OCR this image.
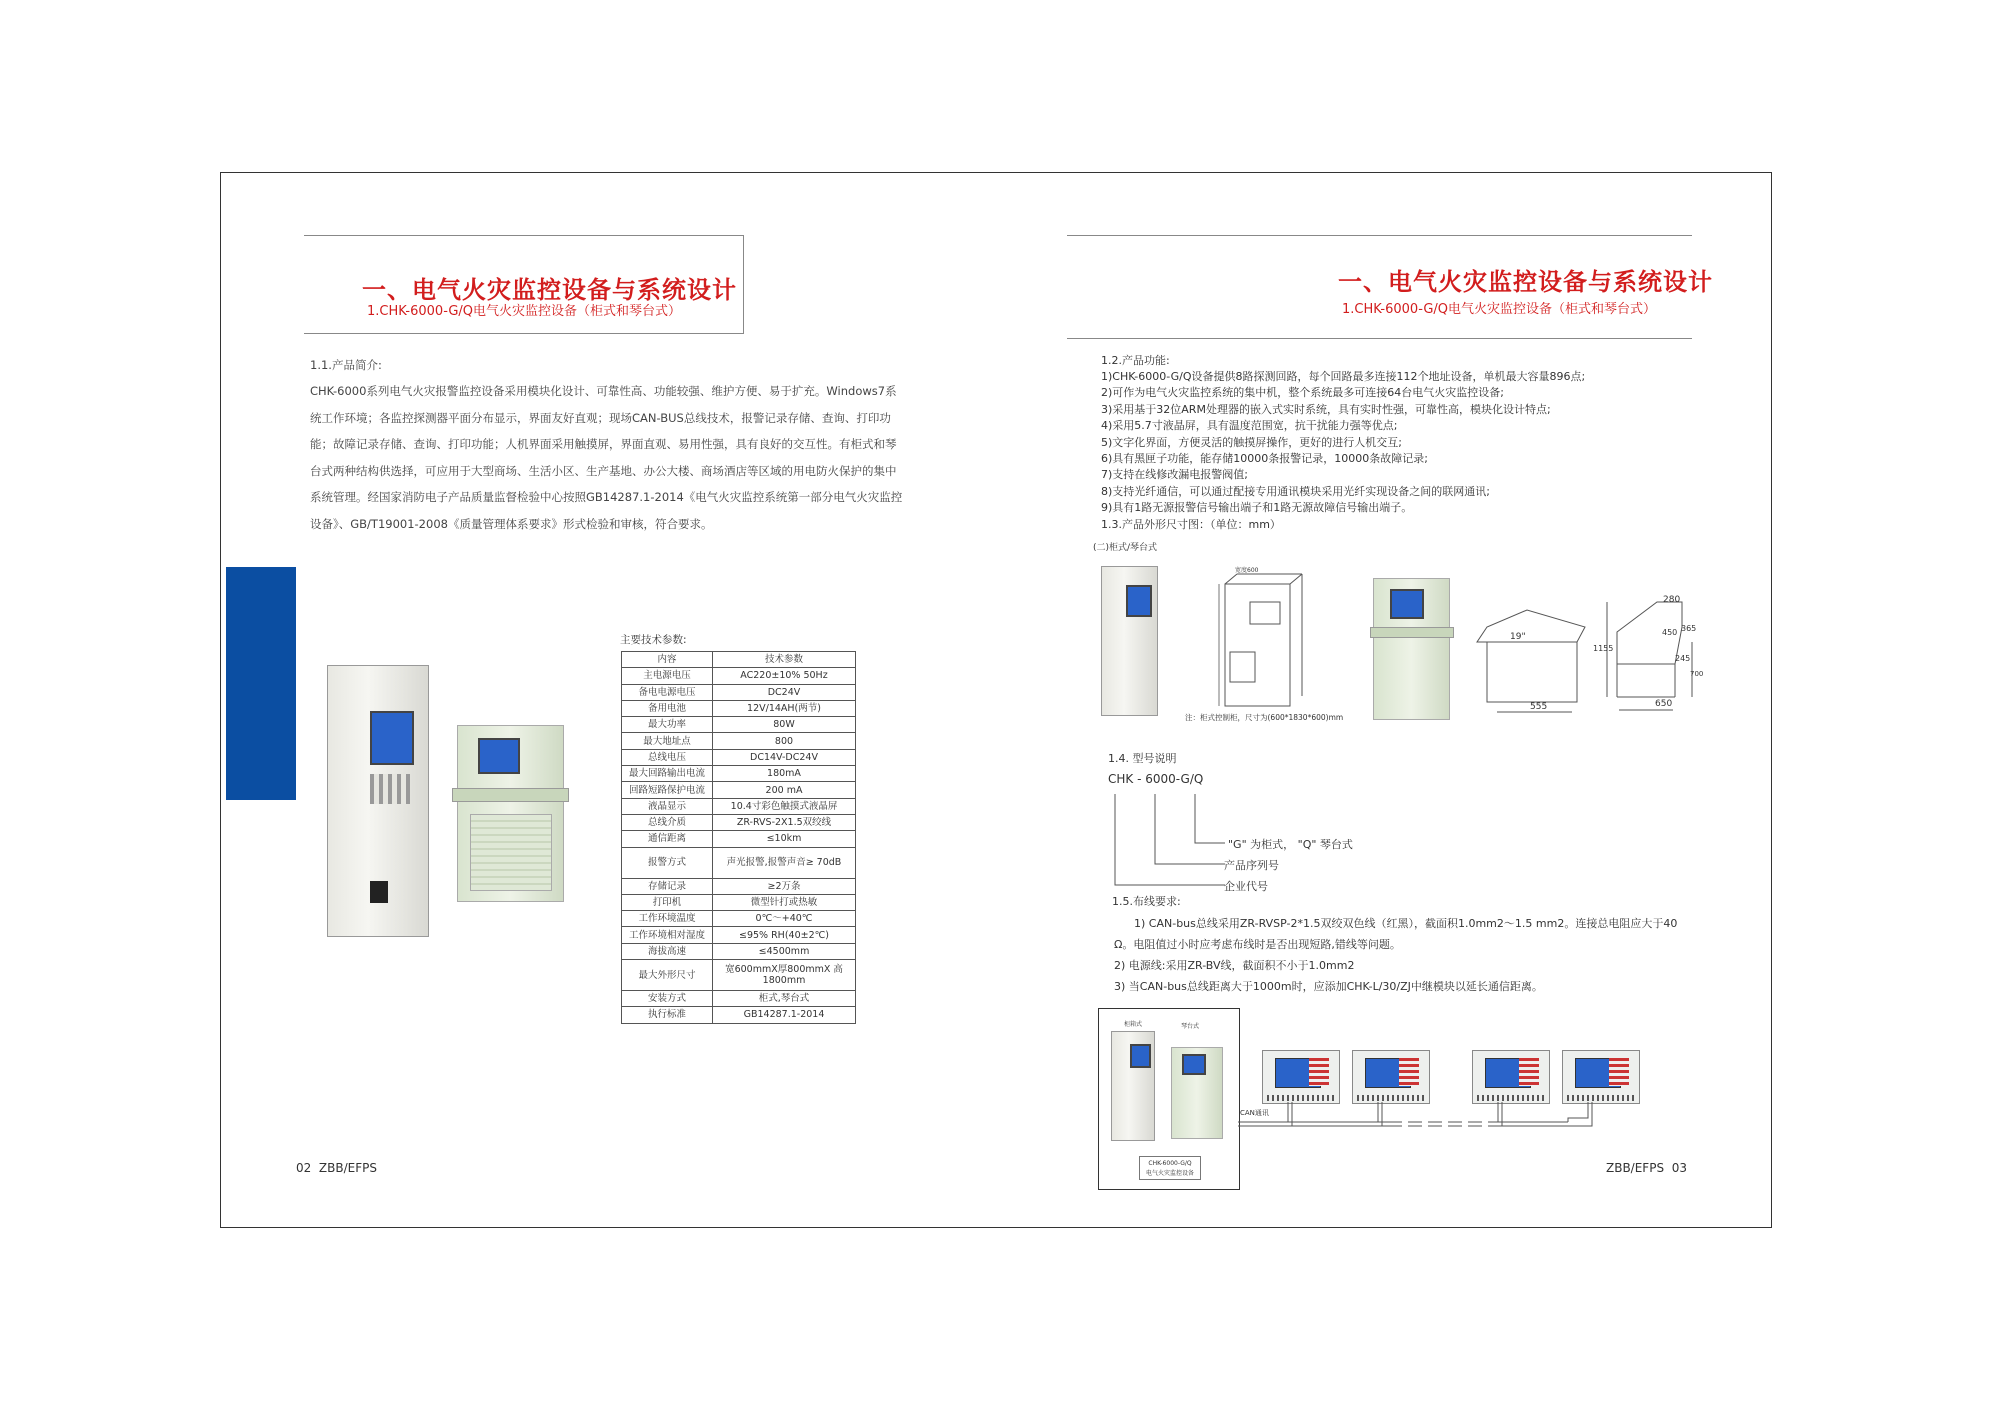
一、电气火灾监控设备与系统设计
1.CHK-6000-G/Q电气火灾监控设备（柜式和琴台式）
1.1.产品简介:
CHK-6000系列电气火灾报警监控设备采用模块化设计、可靠性高、功能较强、维护方便、易于扩充。Windows7系
统工作环境；各监控探测器平面分布显示，界面友好直观；现场CAN-BUS总线技术，报警记录存储、查询、打印功
能；故障记录存储、查询、打印功能；人机界面采用触摸屏，界面直观、易用性强，具有良好的交互性。有柜式和琴
台式两种结构供选择，可应用于大型商场、生活小区、生产基地、办公大楼、商场酒店等区域的用电防火保护的集中
系统管理。经国家消防电子产品质量监督检验中心按照GB14287.1-2014《电气火灾监控系统第一部分电气火灾监控
设备》、GB/T19001-2008《质量管理体系要求》形式检验和审核，符合要求。
主要技术参数:
内容	技术参数
主电源电压	AC220±10% 50Hz
备电电源电压	DC24V
备用电池	12V/14AH(两节)
最大功率	80W
最大地址点	800
总线电压	DC14V-DC24V
最大回路输出电流	180mA
回路短路保护电流	200 mA
液晶显示	10.4寸彩色触摸式液晶屏
总线介质	ZR-RVS-2X1.5双绞线
通信距离	≤10km
报警方式	声光报警,报警声音≥ 70dB
存储记录	≥2万条
打印机	微型针打或热敏
工作环境温度	0℃～+40℃
工作环境相对湿度	≤95% RH(40±2℃)
海拔高速	≤4500mm
最大外形尺寸	宽600mmX厚800mmX 高1800mm
安装方式	柜式,琴台式
执行标准	GB14287.1-2014
02  ZBB/EFPS
一、电气火灾监控设备与系统设计
1.CHK-6000-G/Q电气火灾监控设备（柜式和琴台式）
1.2.产品功能:
1)CHK-6000-G/Q设备提供8路探测回路，每个回路最多连接112个地址设备，单机最大容量896点;
2)可作为电气火灾监控系统的集中机，整个系统最多可连接64台电气火灾监控设备;
3)采用基于32位ARM处理器的嵌入式实时系统，具有实时性强，可靠性高，模块化设计特点;
4)采用5.7寸液晶屏，具有温度范围宽，抗干扰能力强等优点;
5)文字化界面，方便灵活的触摸屏操作，更好的进行人机交互;
6)具有黑匣子功能，能存储10000条报警记录，10000条故障记录;
7)支持在线修改漏电报警阀值;
8)支持光纤通信，可以通过配接专用通讯模块采用光纤实现设备之间的联网通讯;
9)具有1路无源报警信号输出端子和1路无源故障信号输出端子。
1.3.产品外形尺寸图：（单位：mm）
(二)柜式/琴台式
宽度600
注：柜式控制柜，尺寸为(600*1830*600)mm
19"
280
450 365
1155
245
700
555	650
1.4. 型号说明
CHK - 6000-G/Q
"G" 为柜式， "Q" 琴台式
产品序列号
企业代号
1.5.布线要求:
1) CAN-bus总线采用ZR-RVSP-2*1.5双绞双色线（红黑），截面积1.0mm2～1.5 mm2。连接总电阻应大于40
Ω。电阻值过小时应考虑布线时是否出现短路,错线等问题。
2) 电源线:采用ZR-BV线，截面积不小于1.0mm2
3) 当CAN-bus总线距离大于1000m时，应添加CHK-L/30/ZJ中继模块以延长通信距离。
柜箱式	琴台式
CHK-6000-G/Q
电气火灾监控设备
CAN通讯
ZBB/EFPS  03
